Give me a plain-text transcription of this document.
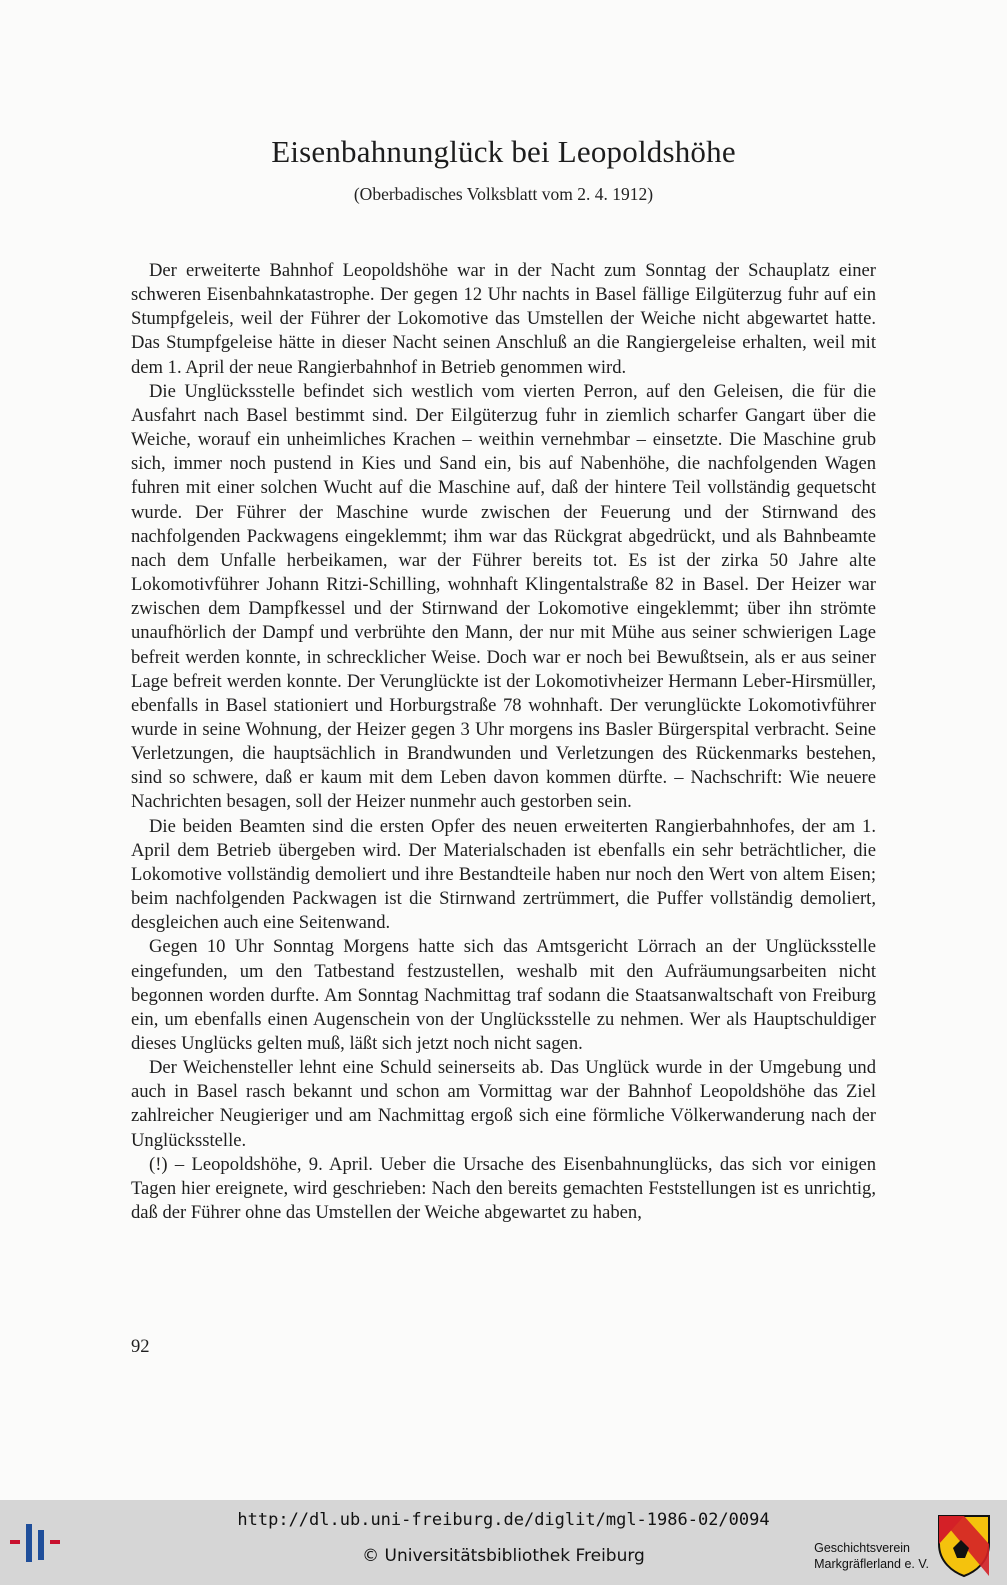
Eisenbahnunglück bei Leopoldshöhe
(Oberbadisches Volksblatt vom 2. 4. 1912)

Der erweiterte Bahnhof Leopoldshöhe war in der Nacht zum Sonntag der Schauplatz einer schweren Eisenbahnkatastrophe. Der gegen 12 Uhr nachts in Basel fällige Eilgüterzug fuhr auf ein Stumpfgeleis, weil der Führer der Lokomotive das Umstellen der Weiche nicht abgewartet hatte. Das Stumpfgeleise hätte in dieser Nacht seinen Anschluß an die Rangiergeleise erhalten, weil mit dem 1. April der neue Rangierbahnhof in Betrieb genommen wird.

Die Unglücksstelle befindet sich westlich vom vierten Perron, auf den Geleisen, die für die Ausfahrt nach Basel bestimmt sind. Der Eilgüterzug fuhr in ziemlich scharfer Gangart über die Weiche, worauf ein unheimliches Krachen – weithin vernehmbar – einsetzte. Die Maschine grub sich, immer noch pustend in Kies und Sand ein, bis auf Nabenhöhe, die nachfolgenden Wagen fuhren mit einer solchen Wucht auf die Maschine auf, daß der hintere Teil vollständig gequetscht wurde. Der Führer der Maschine wurde zwischen der Feuerung und der Stirnwand des nachfolgenden Packwagens eingeklemmt; ihm war das Rückgrat abgedrückt, und als Bahnbeamte nach dem Unfalle herbeikamen, war der Führer bereits tot. Es ist der zirka 50 Jahre alte Lokomotivführer Johann Ritzi-Schilling, wohnhaft Klingentalstraße 82 in Basel. Der Heizer war zwischen dem Dampfkessel und der Stirnwand der Lokomotive eingeklemmt; über ihn strömte unaufhörlich der Dampf und verbrühte den Mann, der nur mit Mühe aus seiner schwierigen Lage befreit werden konnte, in schrecklicher Weise. Doch war er noch bei Bewußtsein, als er aus seiner Lage befreit werden konnte. Der Verunglückte ist der Lokomotivheizer Hermann Leber-Hirsmüller, ebenfalls in Basel stationiert und Horburgstraße 78 wohnhaft. Der verunglückte Lokomotivführer wurde in seine Wohnung, der Heizer gegen 3 Uhr morgens ins Basler Bürgerspital verbracht. Seine Verletzungen, die hauptsächlich in Brandwunden und Verletzungen des Rückenmarks bestehen, sind so schwere, daß er kaum mit dem Leben davon kommen dürfte. – Nachschrift: Wie neuere Nachrichten besagen, soll der Heizer nunmehr auch gestorben sein.

Die beiden Beamten sind die ersten Opfer des neuen erweiterten Rangierbahnhofes, der am 1. April dem Betrieb übergeben wird. Der Materialschaden ist ebenfalls ein sehr beträchtlicher, die Lokomotive vollständig demoliert und ihre Bestandteile haben nur noch den Wert von altem Eisen; beim nachfolgenden Packwagen ist die Stirnwand zertrümmert, die Puffer vollständig demoliert, desgleichen auch eine Seitenwand.

Gegen 10 Uhr Sonntag Morgens hatte sich das Amtsgericht Lörrach an der Unglücksstelle eingefunden, um den Tatbestand festzustellen, weshalb mit den Aufräumungsarbeiten nicht begonnen worden durfte. Am Sonntag Nachmittag traf sodann die Staatsanwaltschaft von Freiburg ein, um ebenfalls einen Augenschein von der Unglücksstelle zu nehmen. Wer als Hauptschuldiger dieses Unglücks gelten muß, läßt sich jetzt noch nicht sagen.

Der Weichensteller lehnt eine Schuld seinerseits ab. Das Unglück wurde in der Umgebung und auch in Basel rasch bekannt und schon am Vormittag war der Bahnhof Leopoldshöhe das Ziel zahlreicher Neugieriger und am Nachmittag ergoß sich eine förmliche Völkerwanderung nach der Unglücksstelle.

(!) – Leopoldshöhe, 9. April. Ueber die Ursache des Eisenbahnunglücks, das sich vor einigen Tagen hier ereignete, wird geschrieben: Nach den bereits gemachten Feststellungen ist es unrichtig, daß der Führer ohne das Umstellen der Weiche abgewartet zu haben,

92
http://dl.ub.uni-freiburg.de/diglit/mgl-1986-02/0094
© Universitätsbibliothek Freiburg	Geschichtsverein
Markgräflerland e. V.
